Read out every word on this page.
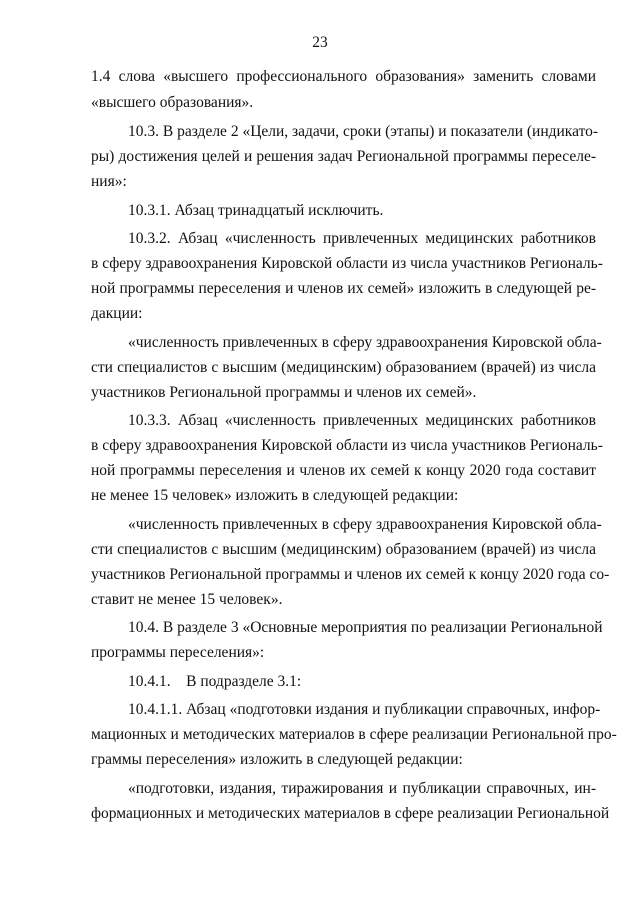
23
1.4 слова «высшего профессионального образования» заменить словами
«высшего образования».
10.3. В разделе 2 «Цели, задачи, сроки (этапы) и показатели (индикато-
ры) достижения целей и решения задач Региональной программы переселе-
ния»:
10.3.1. Абзац тринадцатый исключить.
10.3.2. Абзац «численность привлеченных медицинских работников
в сферу здравоохранения Кировской области из числа участников Региональ-
ной программы переселения и членов их семей» изложить в следующей ре-
дакции:
«численность привлеченных в сферу здравоохранения Кировской обла-
сти специалистов с высшим (медицинским) образованием (врачей) из числа
участников Региональной программы и членов их семей».
10.3.3. Абзац «численность привлеченных медицинских работников
в сферу здравоохранения Кировской области из числа участников Региональ-
ной программы переселения и членов их семей к концу 2020 года составит
не менее 15 человек» изложить в следующей редакции:
«численность привлеченных в сферу здравоохранения Кировской обла-
сти специалистов с высшим (медицинским) образованием (врачей) из числа
участников Региональной программы и членов их семей к концу 2020 года со-
ставит не менее 15 человек».
10.4. В разделе 3 «Основные мероприятия по реализации Региональной
программы переселения»:
10.4.1.    В подразделе 3.1:
10.4.1.1. Абзац «подготовки издания и публикации справочных, инфор-
мационных и методических материалов в сфере реализации Региональной про-
граммы переселения» изложить в следующей редакции:
«подготовки, издания, тиражирования и публикации справочных, ин-
формационных и методических материалов в сфере реализации Региональной
